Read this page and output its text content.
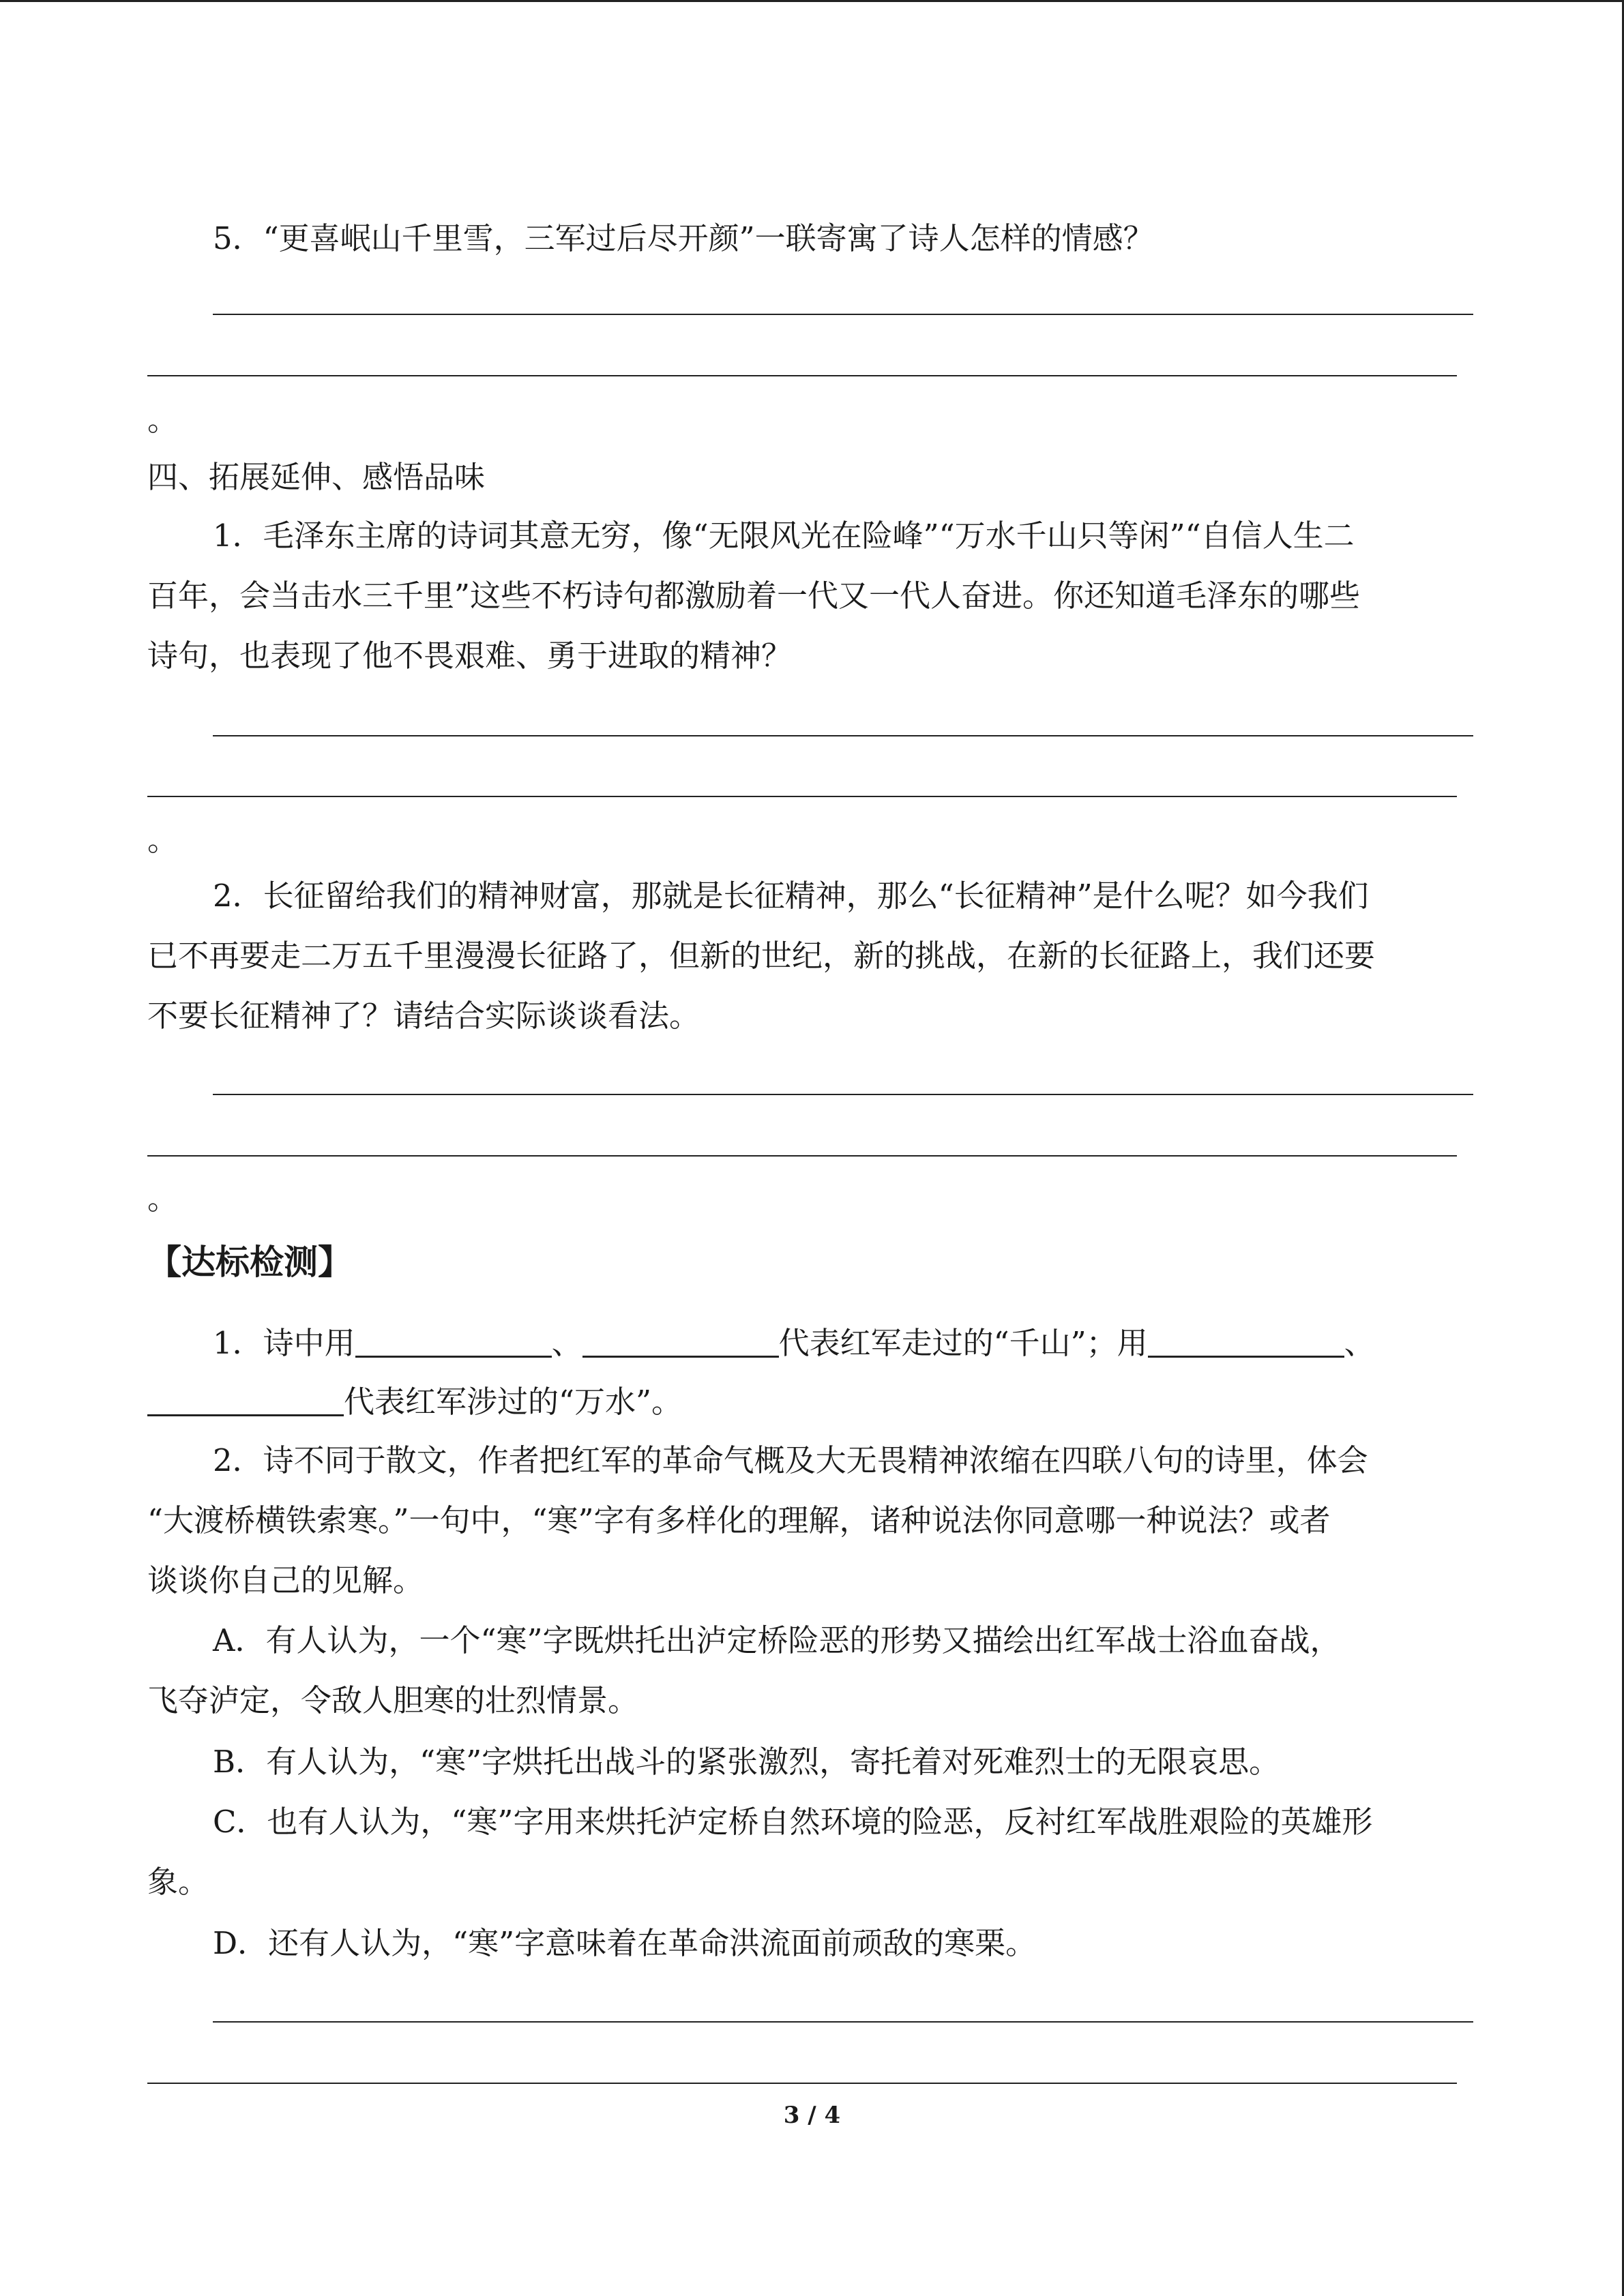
5．“更喜岷山千里雪，三军过后尽开颜”一联寄寓了诗人怎样的情感？
。
四、拓展延伸、感悟品味
1．毛泽东主席的诗词其意无穷，像“无限风光在险峰”“万水千山只等闲”“自信人生二
百年，会当击水三千里”这些不朽诗句都激励着一代又一代人奋进。你还知道毛泽东的哪些
诗句，也表现了他不畏艰难、勇于进取的精神？
。
2．长征留给我们的精神财富，那就是长征精神，那么“长征精神”是什么呢？如今我们
已不再要走二万五千里漫漫长征路了，但新的世纪，新的挑战，在新的长征路上，我们还要
不要长征精神了？请结合实际谈谈看法。
。
【达标检测】
1．诗中用	、	代表红军走过的“千山”；用	、
代表红军涉过的“万水”。
2．诗不同于散文，作者把红军的革命气概及大无畏精神浓缩在四联八句的诗里，体会
“大渡桥横铁索寒。”一句中，“寒”字有多样化的理解，诸种说法你同意哪一种说法？或者
谈谈你自己的见解。
A．有人认为，一个“寒”字既烘托出泸定桥险恶的形势又描绘出红军战士浴血奋战，
飞夺泸定，令敌人胆寒的壮烈情景。
B．有人认为，“寒”字烘托出战斗的紧张激烈，寄托着对死难烈士的无限哀思。
C．也有人认为，“寒”字用来烘托泸定桥自然环境的险恶，反衬红军战胜艰险的英雄形
象。
D．还有人认为，“寒”字意味着在革命洪流面前顽敌的寒栗。
3 / 4
